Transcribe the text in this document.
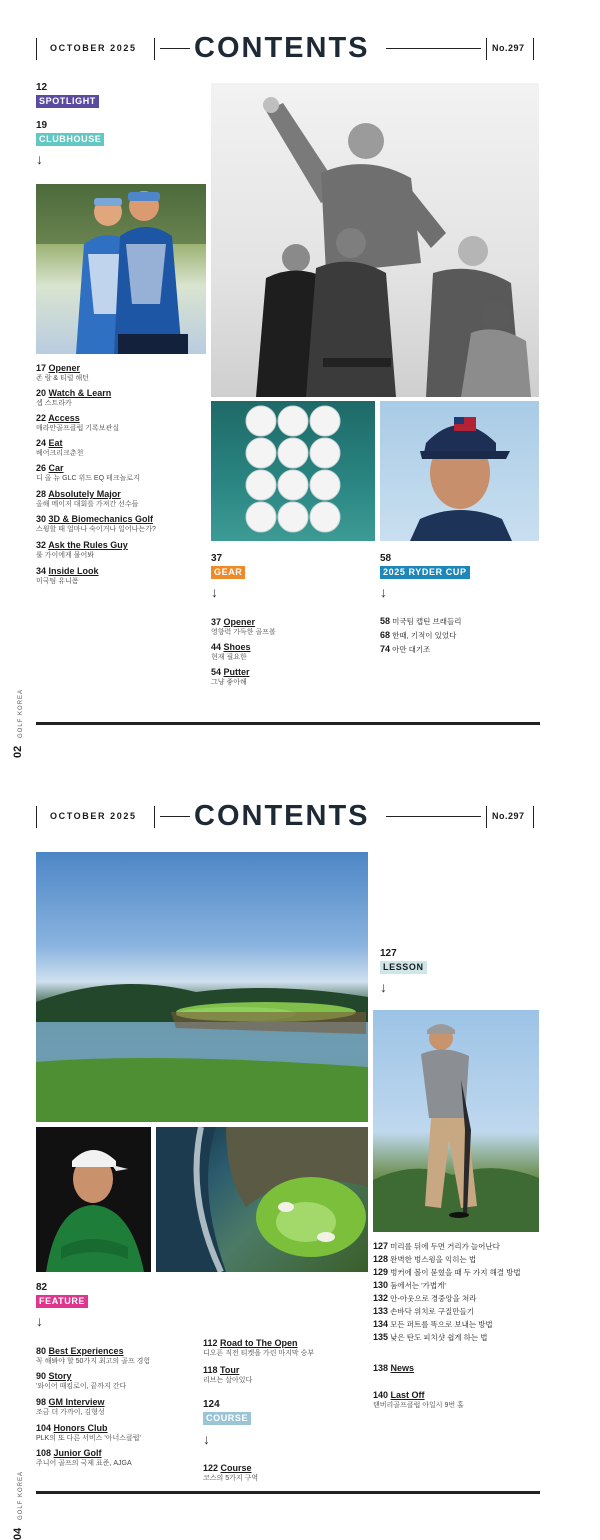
OCTOBER 2025 CONTENTS	No.297
12
SPOTLIGHT
19
CLUBHOUSE
↓
17 Opener
존 람 & 티럴 해턴
20 Watch & Learn
셉 스트라카
22 Access
매라안골프클럽 기록보관실
24 Eat
베어크리크춘천
26 Car
디 올 뉴 GLC 위드 EQ 테크놀로지
28 Absolutely Major
올해 메이저 대회를 가져간 선수들
30 3D & Biomechanics Golf
스윙할 때 얼마나 숙이거나 일어나는가?
32 Ask the Rules Guy
룰 가이에게 물어봐
34 Inside Look
미국팀 유니폼
37
GEAR
↓
37 Opener
영향력 가득한 골프볼
44 Shoes
현재 필요한
54 Putter
그냥 좋아해
58
2025 RYDER CUP
↓
58 미국팀 캡틴 브래들리
68 한때, 기적이 있었다
74 아만 대기조
GOLF KOREA
02
OCTOBER 2025 CONTENTS	No.297
127
LESSON
↓
127 미리를 뒤에 두면 거리가 늘어난다
128 완벽한 벙스윙을 익히는 법
129 벙커에 볼이 묻혔을 때 두 가지 해결 방법
130 둠에서는 '가볍게'
132 안-아웃으로 경중앙을 쳐라
133 손바닥 위치로 구질만들기
134 모든 퍼트를 똑으로 보내는 방법
135 낮은 탄도 피치샷 쉽게 하는 법
138 News
140 Last Off
탠버리골프클럽 아일시 9번 홀
82
FEATURE
↓
80 Best Experiences
꼭 해봐야 할 50가지 최고의 골프 경험
90 Story
'와이어 때킴로이, 끝까지 간다
98 GM Interview
조금 더 가까이, 김형성
104 Honors Club
PLK의 또 다른 서비스 '아너스클럽'
108 Junior Golf
주니어 골프의 국제 표준, AJGA
112 Road to The Open
디오픈 직전 티켓을 가린 마지막 승부
118 Tour
리브는 살아있다
124
COURSE
↓
122 Course
코스의 5가지 구역
GOLF KOREA
04
